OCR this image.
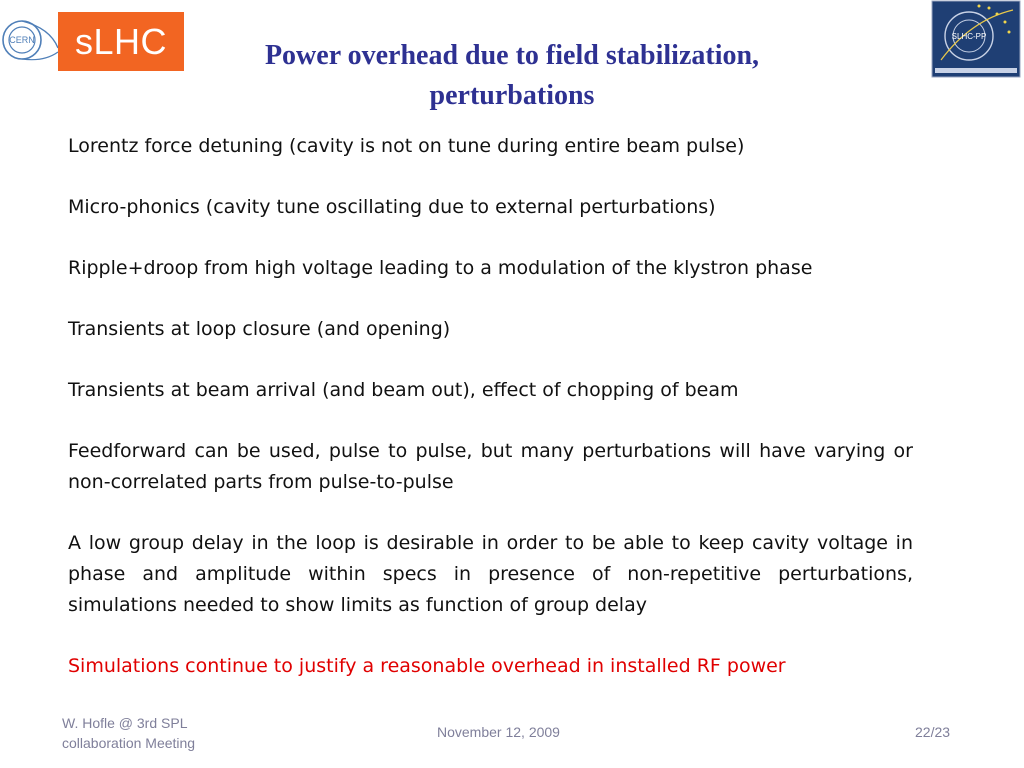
CERN sLHC	SLHC-PP
Power overhead due to field stabilization,
perturbations

Lorentz force detuning (cavity is not on tune during entire beam pulse)

Micro-phonics (cavity tune oscillating due to external perturbations)

Ripple+droop from high voltage leading to a modulation of the klystron phase

Transients at loop closure (and opening)

Transients at beam arrival (and beam out), effect of chopping of beam

Feedforward can be used, pulse to pulse, but many perturbations will have varying or non-correlated parts from pulse-to-pulse

A low group delay in the loop is desirable in order to be able to keep cavity voltage in phase and amplitude within specs in presence of non-repetitive perturbations, simulations needed to show limits as function of group delay

Simulations continue to justify a reasonable overhead in installed RF power

W. Hofle @ 3rd SPL
collaboration Meeting
November 12, 2009	22/23
